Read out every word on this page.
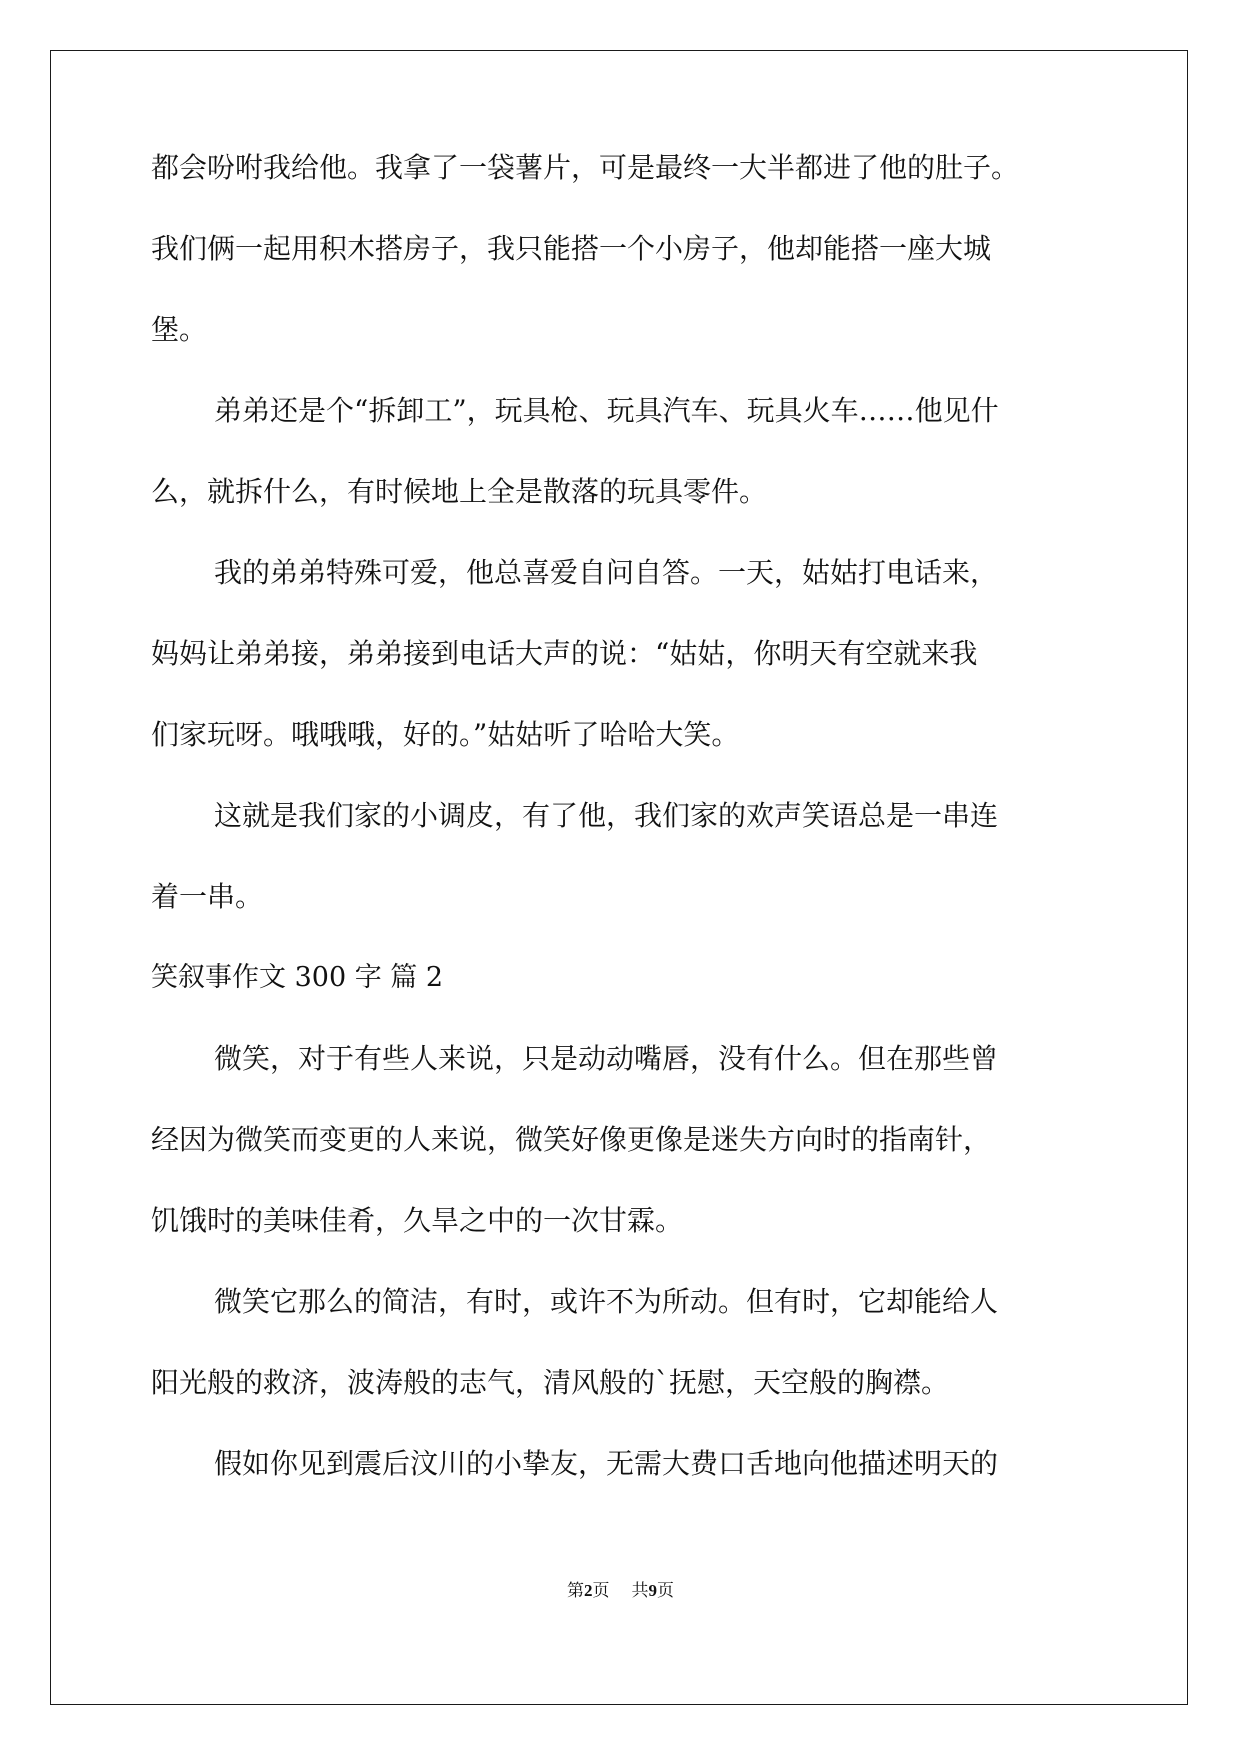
都会吩咐我给他。我拿了一袋薯片，可是最终一大半都进了他的肚子。
我们俩一起用积木搭房子，我只能搭一个小房子，他却能搭一座大城
堡。
弟弟还是个“拆卸工”，玩具枪、玩具汽车、玩具火车……他见什
么，就拆什么，有时候地上全是散落的玩具零件。
我的弟弟特殊可爱，他总喜爱自问自答。一天，姑姑打电话来，
妈妈让弟弟接，弟弟接到电话大声的说：“姑姑，你明天有空就来我
们家玩呀。哦哦哦，好的。”姑姑听了哈哈大笑。
这就是我们家的小调皮，有了他，我们家的欢声笑语总是一串连
着一串。
笑叙事作文 300 字 篇 2
微笑，对于有些人来说，只是动动嘴唇，没有什么。但在那些曾
经因为微笑而变更的人来说，微笑好像更像是迷失方向时的指南针，
饥饿时的美味佳肴，久旱之中的一次甘霖。
微笑它那么的简洁，有时，或许不为所动。但有时，它却能给人
阳光般的救济，波涛般的志气，清风般的`抚慰，天空般的胸襟。
假如你见到震后汶川的小挚友，无需大费口舌地向他描述明天的
第2页 共9页
